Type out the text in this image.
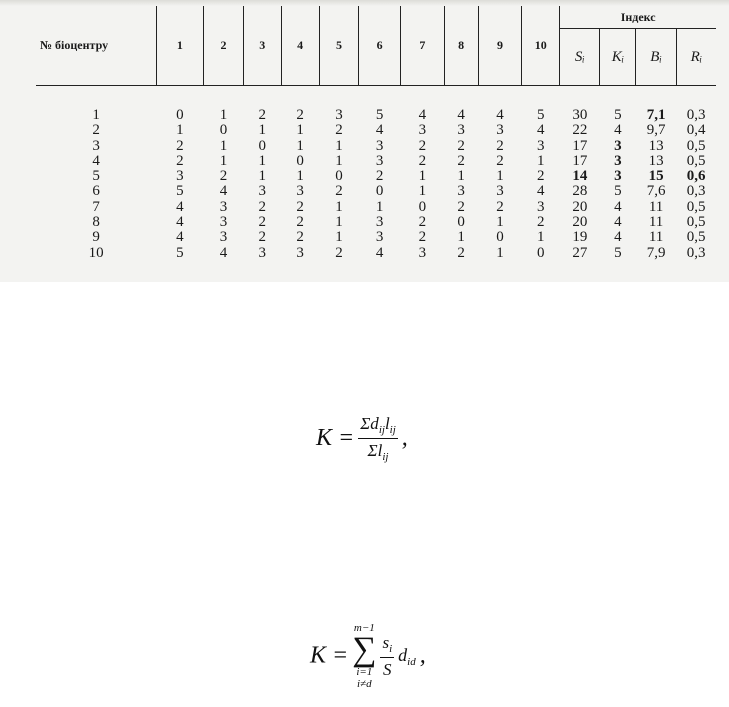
№ біоцентру	1	2	3	4	5	6	7	8	9	10	Індекс			
											Sᵢ	Kᵢ	Bᵢ	Rᵢ
1	0	1	2	2	3	5	4	4	4	5	30	5	7,1	0,3
2	1	0	1	1	2	4	3	3	3	4	22	4	9,7	0,4
3	2	1	0	1	1	3	2	2	2	3	17	3	13	0,5
4	2	1	1	0	1	3	2	2	2	1	17	3	13	0,5
5	3	2	1	1	0	2	1	1	1	2	14	3	15	0,6
6	5	4	3	3	2	0	1	3	3	4	28	5	7,6	0,3
7	4	3	2	2	1	1	0	2	2	3	20	4	11	0,5
8	4	3	2	2	1	3	2	0	1	2	20	4	11	0,5
9	4	3	2	2	1	3	2	1	0	1	19	4	11	0,5
10	5	4	3	3	2	4	3	2	1	0	27	5	7,9	0,3
$K = \frac{\Sigma d_{ij}l_{ij}}{\Sigma l_{ij}}$ ,
K =
m−1
∑
i=1
i≠d

$\frac{s_i}{S} d_{id}$ ,
